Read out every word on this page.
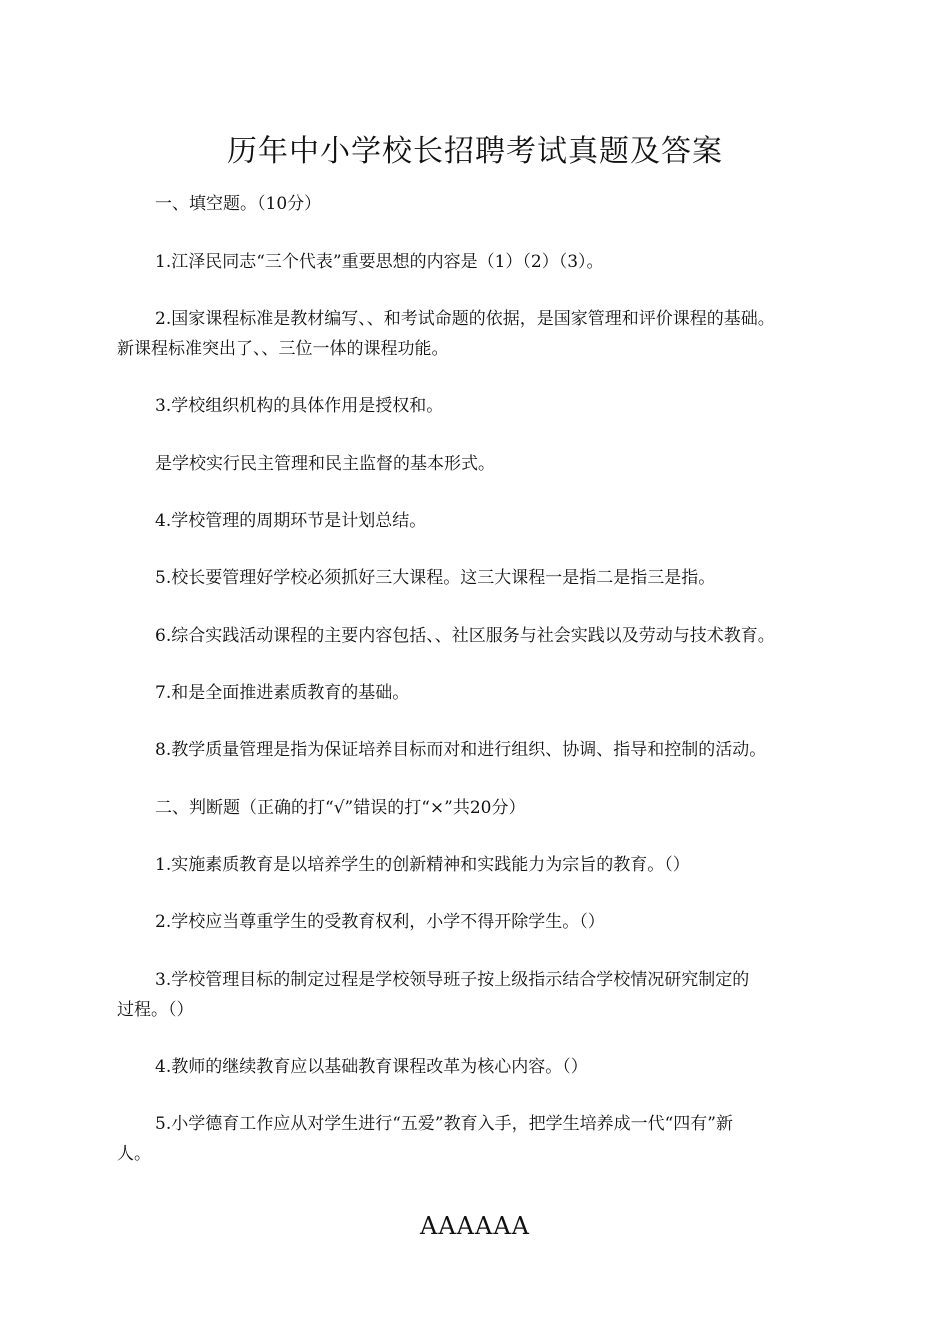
历年中小学校长招聘考试真题及答案
一、填空题。（10分）
1.江泽民同志“三个代表”重要思想的内容是（1）（2）（3）。
2.国家课程标准是教材编写、、和考试命题的依据，是国家管理和评价课程的基础。
新课程标准突出了、、三位一体的课程功能。
3.学校组织机构的具体作用是授权和。
是学校实行民主管理和民主监督的基本形式。
4.学校管理的周期环节是计划总结。
5.校长要管理好学校必须抓好三大课程。这三大课程一是指二是指三是指。
6.综合实践活动课程的主要内容包括、、社区服务与社会实践以及劳动与技术教育。
7.和是全面推进素质教育的基础。
8.教学质量管理是指为保证培养目标而对和进行组织、协调、指导和控制的活动。
二、判断题（正确的打“√”错误的打“×”共20分）
1.实施素质教育是以培养学生的创新精神和实践能力为宗旨的教育。（）
2.学校应当尊重学生的受教育权利，小学不得开除学生。（）
3.学校管理目标的制定过程是学校领导班子按上级指示结合学校情况研究制定的
过程。（）
4.教师的继续教育应以基础教育课程改革为核心内容。（）
5.小学德育工作应从对学生进行“五爱”教育入手，把学生培养成一代“四有”新
人。
AAAAAA
